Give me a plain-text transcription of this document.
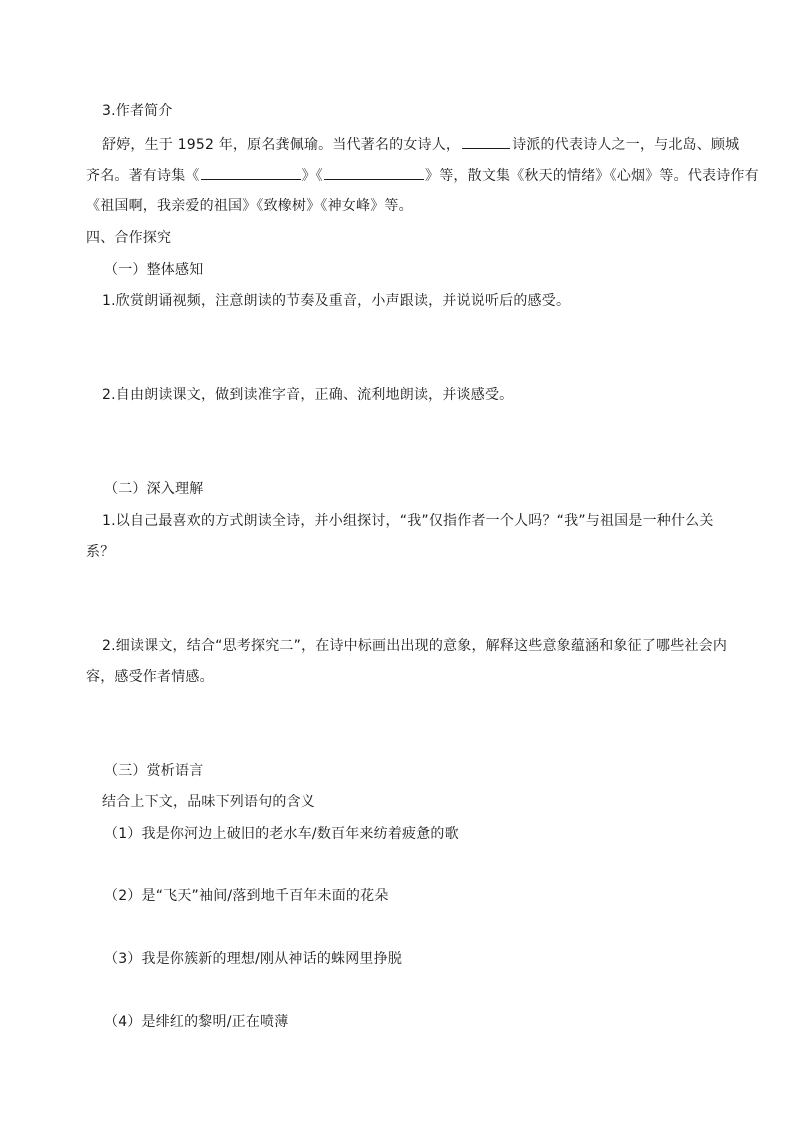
3.作者简介
舒婷，生于 1952 年，原名龚佩瑜。当代著名的女诗人，	诗派的代表诗人之一，与北岛、顾城
齐名。著有诗集《	》《	》等，散文集《秋天的情绪》《心烟》等。代表诗作有
《祖国啊，我亲爱的祖国》《致橡树》《神女峰》等。
四、合作探究
（一）整体感知
1.欣赏朗诵视频，注意朗读的节奏及重音，小声跟读，并说说听后的感受。
2.自由朗读课文，做到读准字音，正确、流利地朗读，并谈感受。
（二）深入理解
1.以自己最喜欢的方式朗读全诗，并小组探讨，“我”仅指作者一个人吗？“我”与祖国是一种什么关
系？
2.细读课文，结合“思考探究二”，在诗中标画出出现的意象，解释这些意象蕴涵和象征了哪些社会内
容，感受作者情感。
（三）赏析语言
结合上下文，品味下列语句的含义
（1）我是你河边上破旧的老水车/数百年来纺着疲惫的歌
（2）是“飞天”袖间/落到地千百年未面的花朵
（3）我是你簇新的理想/刚从神话的蛛网里挣脱
（4）是绯红的黎明/正在喷薄
